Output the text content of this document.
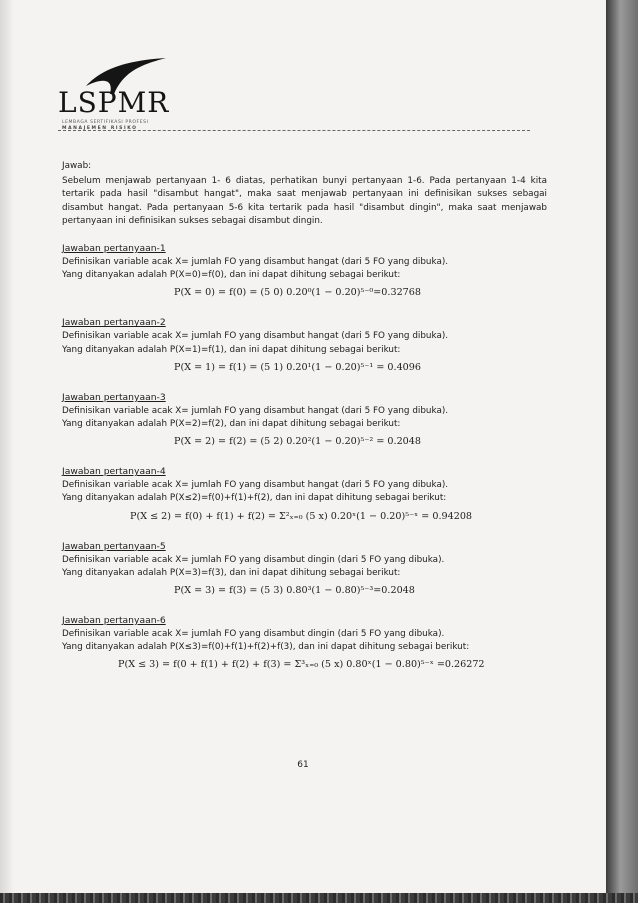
LSPMR
LEMBAGA SERTIFIKASI PROFESI
MANAJEMEN RISIKO

Jawab:

Sebelum menjawab pertanyaan 1- 6 diatas, perhatikan bunyi pertanyaan 1-6. Pada pertanyaan 1-4 kita tertarik pada hasil "disambut hangat", maka saat menjawab pertanyaan ini definisikan sukses sebagai disambut hangat. Pada pertanyaan 5-6 kita tertarik pada hasil "disambut dingin", maka saat menjawab pertanyaan ini definisikan sukses sebagai disambut dingin.

Jawaban pertanyaan-1

Definisikan variable acak X= jumlah FO yang disambut hangat (dari 5 FO yang dibuka).

Yang ditanyakan adalah P(X=0)=f(0), dan ini dapat dihitung sebagai berikut:

P(X = 0) = f(0) = (5 0) 0.20⁰(1 − 0.20)⁵⁻⁰=0.32768

Jawaban pertanyaan-2

Definisikan variable acak X= jumlah FO yang disambut hangat (dari 5 FO yang dibuka).

Yang ditanyakan adalah P(X=1)=f(1), dan ini dapat dihitung sebagai berikut:

P(X = 1) = f(1) = (5 1) 0.20¹(1 − 0.20)⁵⁻¹ = 0.4096

Jawaban pertanyaan-3

Definisikan variable acak X= jumlah FO yang disambut hangat (dari 5 FO yang dibuka).

Yang ditanyakan adalah P(X=2)=f(2), dan ini dapat dihitung sebagai berikut:

P(X = 2) = f(2) = (5 2) 0.20²(1 − 0.20)⁵⁻² = 0.2048

Jawaban pertanyaan-4

Definisikan variable acak X= jumlah FO yang disambut hangat (dari 5 FO yang dibuka).

Yang ditanyakan adalah P(X≤2)=f(0)+f(1)+f(2), dan ini dapat dihitung sebagai berikut:

P(X ≤ 2) = f(0) + f(1) + f(2) = Σ²ₓ₌₀ (5 x) 0.20ˣ(1 − 0.20)⁵⁻ˣ = 0.94208

Jawaban pertanyaan-5

Definisikan variable acak X= jumlah FO yang disambut dingin (dari 5 FO yang dibuka).

Yang ditanyakan adalah P(X=3)=f(3), dan ini dapat dihitung sebagai berikut:

P(X = 3) = f(3) = (5 3) 0.80³(1 − 0.80)⁵⁻³=0.2048

Jawaban pertanyaan-6

Definisikan variable acak X= jumlah FO yang disambut dingin (dari 5 FO yang dibuka).

Yang ditanyakan adalah P(X≤3)=f(0)+f(1)+f(2)+f(3), dan ini dapat dihitung sebagai berikut:

P(X ≤ 3) = f(0 + f(1) + f(2) + f(3) = Σ³ₓ₌₀ (5 x) 0.80ˣ(1 − 0.80)⁵⁻ˣ =0.26272

61
